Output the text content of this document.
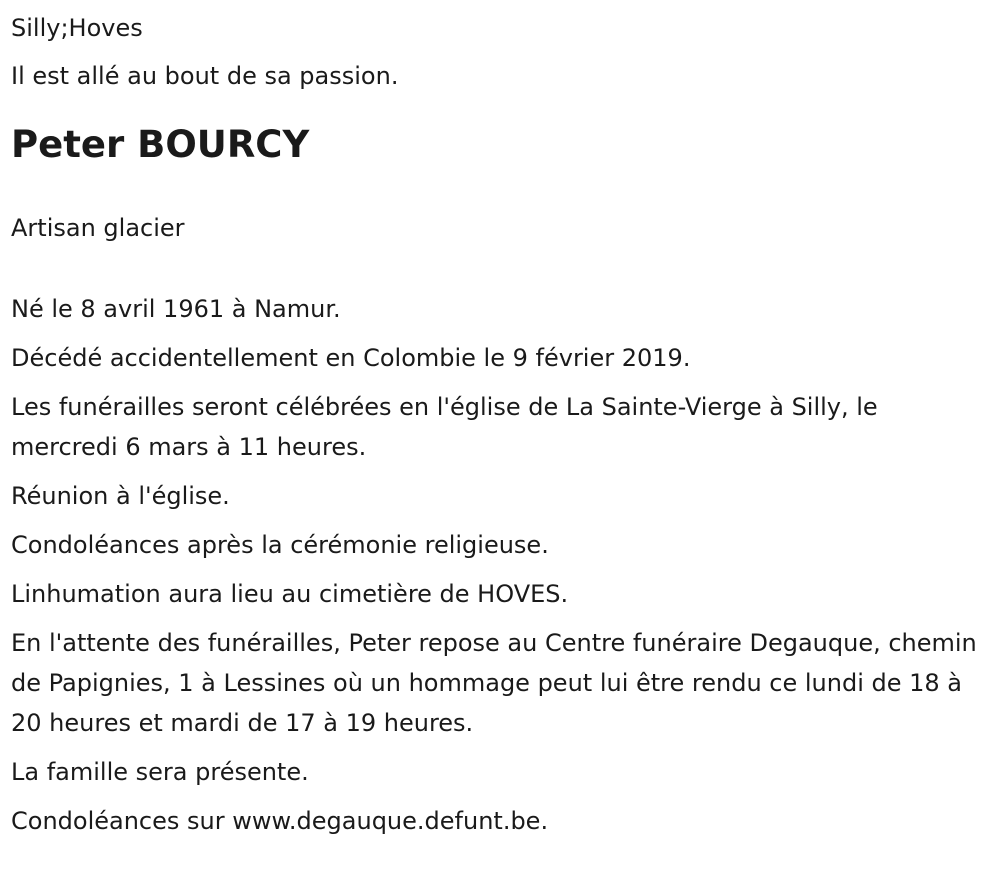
Silly;Hoves

Il est allé au bout de sa passion.

Peter BOURCY

Artisan glacier

Né le 8 avril 1961 à Namur.

Décédé accidentellement en Colombie le 9 février 2019.

Les funérailles seront célébrées en l'église de La Sainte-Vierge à Silly, le mercredi 6 mars à 11 heures.

Réunion à l'église.

Condoléances après la cérémonie religieuse.

Linhumation aura lieu au cimetière de HOVES.

En l'attente des funérailles, Peter repose au Centre funéraire Degauque, chemin de Papignies, 1 à Lessines où un hommage peut lui être rendu ce lundi de 18 à 20 heures et mardi de 17 à 19 heures.

La famille sera présente.

Condoléances sur www.degauque.defunt.be.
